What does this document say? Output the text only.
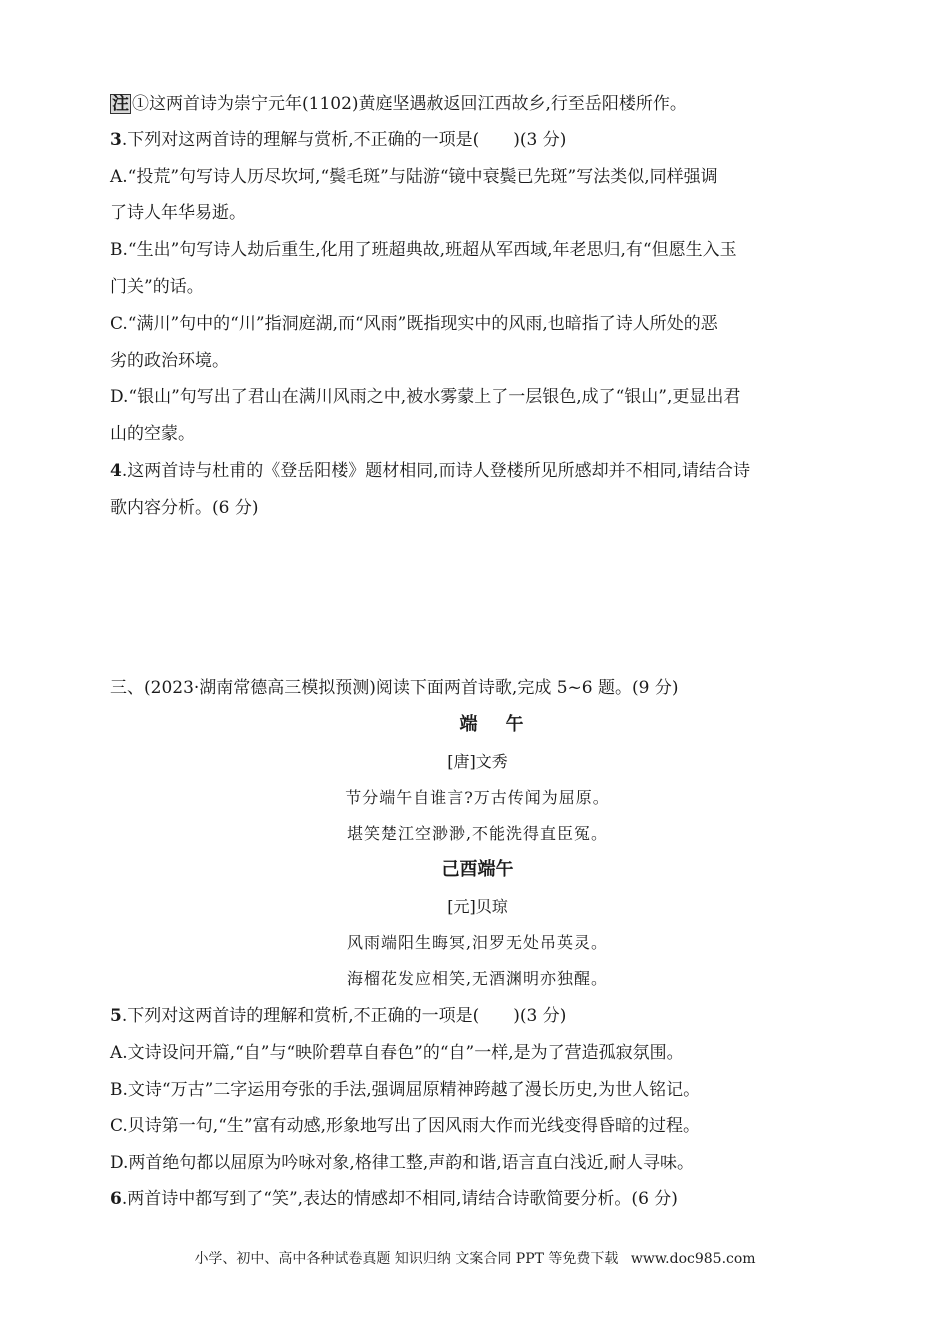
注 ①这两首诗为崇宁元年(1102)黄庭坚遇赦返回江西故乡,行至岳阳楼所作。
3.下列对这两首诗的理解与赏析,不正确的一项是(　　)(3 分)
A.“投荒”句写诗人历尽坎坷,“鬓毛斑”与陆游“镜中衰鬓已先斑”写法类似,同样强调
了诗人年华易逝。
B.“生出”句写诗人劫后重生,化用了班超典故,班超从军西域,年老思归,有“但愿生入玉
门关”的话。
C.“满川”句中的“川”指洞庭湖,而“风雨”既指现实中的风雨,也暗指了诗人所处的恶
劣的政治环境。
D.“银山”句写出了君山在满川风雨之中,被水雾蒙上了一层银色,成了“银山”,更显出君
山的空蒙。
4.这两首诗与杜甫的《登岳阳楼》题材相同,而诗人登楼所见所感却并不相同,请结合诗
歌内容分析。(6 分)
三、(2023·湖南常德高三模拟预测)阅读下面两首诗歌,完成 5~6 题。(9 分)
端午
[唐]文秀
节分端午自谁言?万古传闻为屈原。
堪笑楚江空渺渺,不能洗得直臣冤。
己酉端午
[元]贝琼
风雨端阳生晦冥,汨罗无处吊英灵。
海榴花发应相笑,无酒渊明亦独醒。
5.下列对这两首诗的理解和赏析,不正确的一项是(　　)(3 分)
A.文诗设问开篇,“自”与“映阶碧草自春色”的“自”一样,是为了营造孤寂氛围。
B.文诗“万古”二字运用夸张的手法,强调屈原精神跨越了漫长历史,为世人铭记。
C.贝诗第一句,“生”富有动感,形象地写出了因风雨大作而光线变得昏暗的过程。
D.两首绝句都以屈原为吟咏对象,格律工整,声韵和谐,语言直白浅近,耐人寻味。
6.两首诗中都写到了“笑”,表达的情感却不相同,请结合诗歌简要分析。(6 分)
小学、初中、高中各种试卷真题 知识归纳 文案合同 PPT 等免费下载 www.doc985.com
